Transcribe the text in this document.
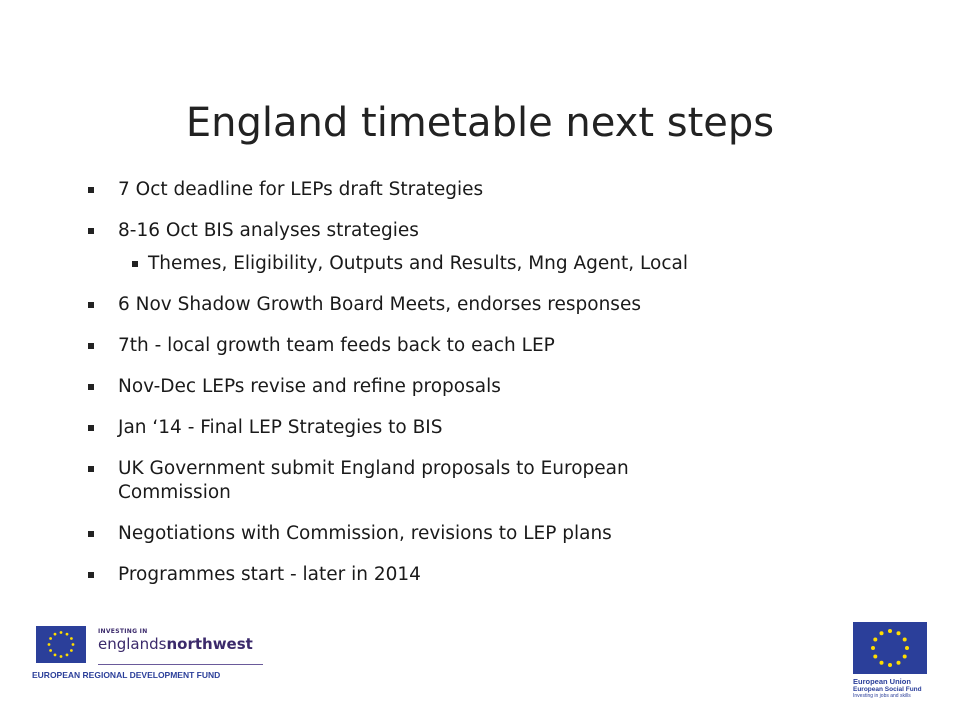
England timetable next steps
7 Oct deadline for LEPs draft Strategies
8-16 Oct BIS analyses strategies
Themes, Eligibility, Outputs and Results, Mng Agent, Local
6 Nov Shadow Growth Board Meets, endorses responses
7th - local growth team feeds back to each LEP
Nov-Dec LEPs revise and refine proposals
Jan ‘14 - Final LEP Strategies to BIS
UK Government submit England proposals to European Commission
Negotiations with Commission, revisions to LEP plans
Programmes start - later in 2014
INVESTING IN
englandsnorthwest
EUROPEAN REGIONAL DEVELOPMENT FUND
European Union
European Social Fund
Investing in jobs and skills
